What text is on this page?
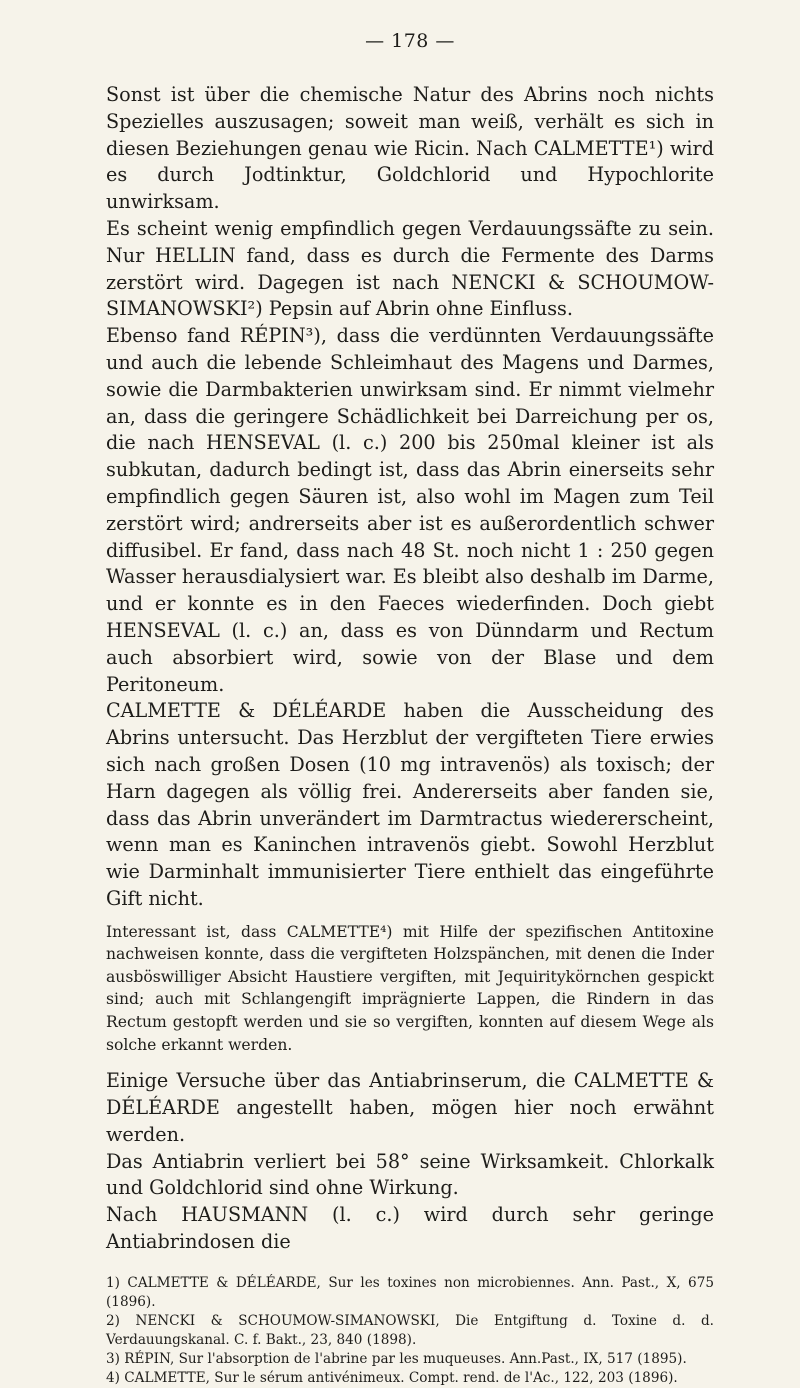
— 178 —

Sonst ist über die chemische Natur des Abrins noch nichts Spezielles auszusagen; soweit man weiß, verhält es sich in diesen Beziehungen genau wie Ricin. Nach CALMETTE¹) wird es durch Jodtinktur, Goldchlorid und Hypochlorite unwirksam.

Es scheint wenig empfindlich gegen Verdauungssäfte zu sein. Nur HELLIN fand, dass es durch die Fermente des Darms zerstört wird. Dagegen ist nach NENCKI & SCHOUMOW-SIMANOWSKI²) Pepsin auf Abrin ohne Einfluss.

Ebenso fand RÉPIN³), dass die verdünnten Verdauungssäfte und auch die lebende Schleimhaut des Magens und Darmes, sowie die Darmbakterien unwirksam sind. Er nimmt vielmehr an, dass die geringere Schädlichkeit bei Darreichung per os, die nach HENSEVAL (l. c.) 200 bis 250mal kleiner ist als subkutan, dadurch bedingt ist, dass das Abrin einerseits sehr empfindlich gegen Säuren ist, also wohl im Magen zum Teil zerstört wird; andrerseits aber ist es außerordentlich schwer diffusibel. Er fand, dass nach 48 St. noch nicht 1 : 250 gegen Wasser herausdialysiert war. Es bleibt also deshalb im Darme, und er konnte es in den Faeces wiederfinden. Doch giebt HENSEVAL (l. c.) an, dass es von Dünndarm und Rectum auch absorbiert wird, sowie von der Blase und dem Peritoneum.

CALMETTE & DÉLÉARDE haben die Ausscheidung des Abrins untersucht. Das Herzblut der vergifteten Tiere erwies sich nach großen Dosen (10 mg intravenös) als toxisch; der Harn dagegen als völlig frei. Andererseits aber fanden sie, dass das Abrin unverändert im Darmtractus wiedererscheint, wenn man es Kaninchen intravenös giebt. Sowohl Herzblut wie Darminhalt immunisierter Tiere enthielt das eingeführte Gift nicht.

Interessant ist, dass CALMETTE⁴) mit Hilfe der spezifischen Antitoxine nachweisen konnte, dass die vergifteten Holzspänchen, mit denen die Inder ausböswilliger Absicht Haustiere vergiften, mit Jequiritykörnchen gespickt sind; auch mit Schlangengift imprägnierte Lappen, die Rindern in das Rectum gestopft werden und sie so vergiften, konnten auf diesem Wege als solche erkannt werden.

Einige Versuche über das Antiabrinserum, die CALMETTE & DÉLÉARDE angestellt haben, mögen hier noch erwähnt werden.

Das Antiabrin verliert bei 58° seine Wirksamkeit. Chlorkalk und Goldchlorid sind ohne Wirkung.

Nach HAUSMANN (l. c.) wird durch sehr geringe Antiabrindosen die

1) CALMETTE & DÉLÉARDE, Sur les toxines non microbiennes. Ann. Past., X, 675 (1896).

2) NENCKI & SCHOUMOW-SIMANOWSKI, Die Entgiftung d. Toxine d. d. Verdauungskanal. C. f. Bakt., 23, 840 (1898).

3) RÉPIN, Sur l'absorption de l'abrine par les muqueuses. Ann.Past., IX, 517 (1895).

4) CALMETTE, Sur le sérum antivénimeux. Compt. rend. de l'Ac., 122, 203 (1896).
